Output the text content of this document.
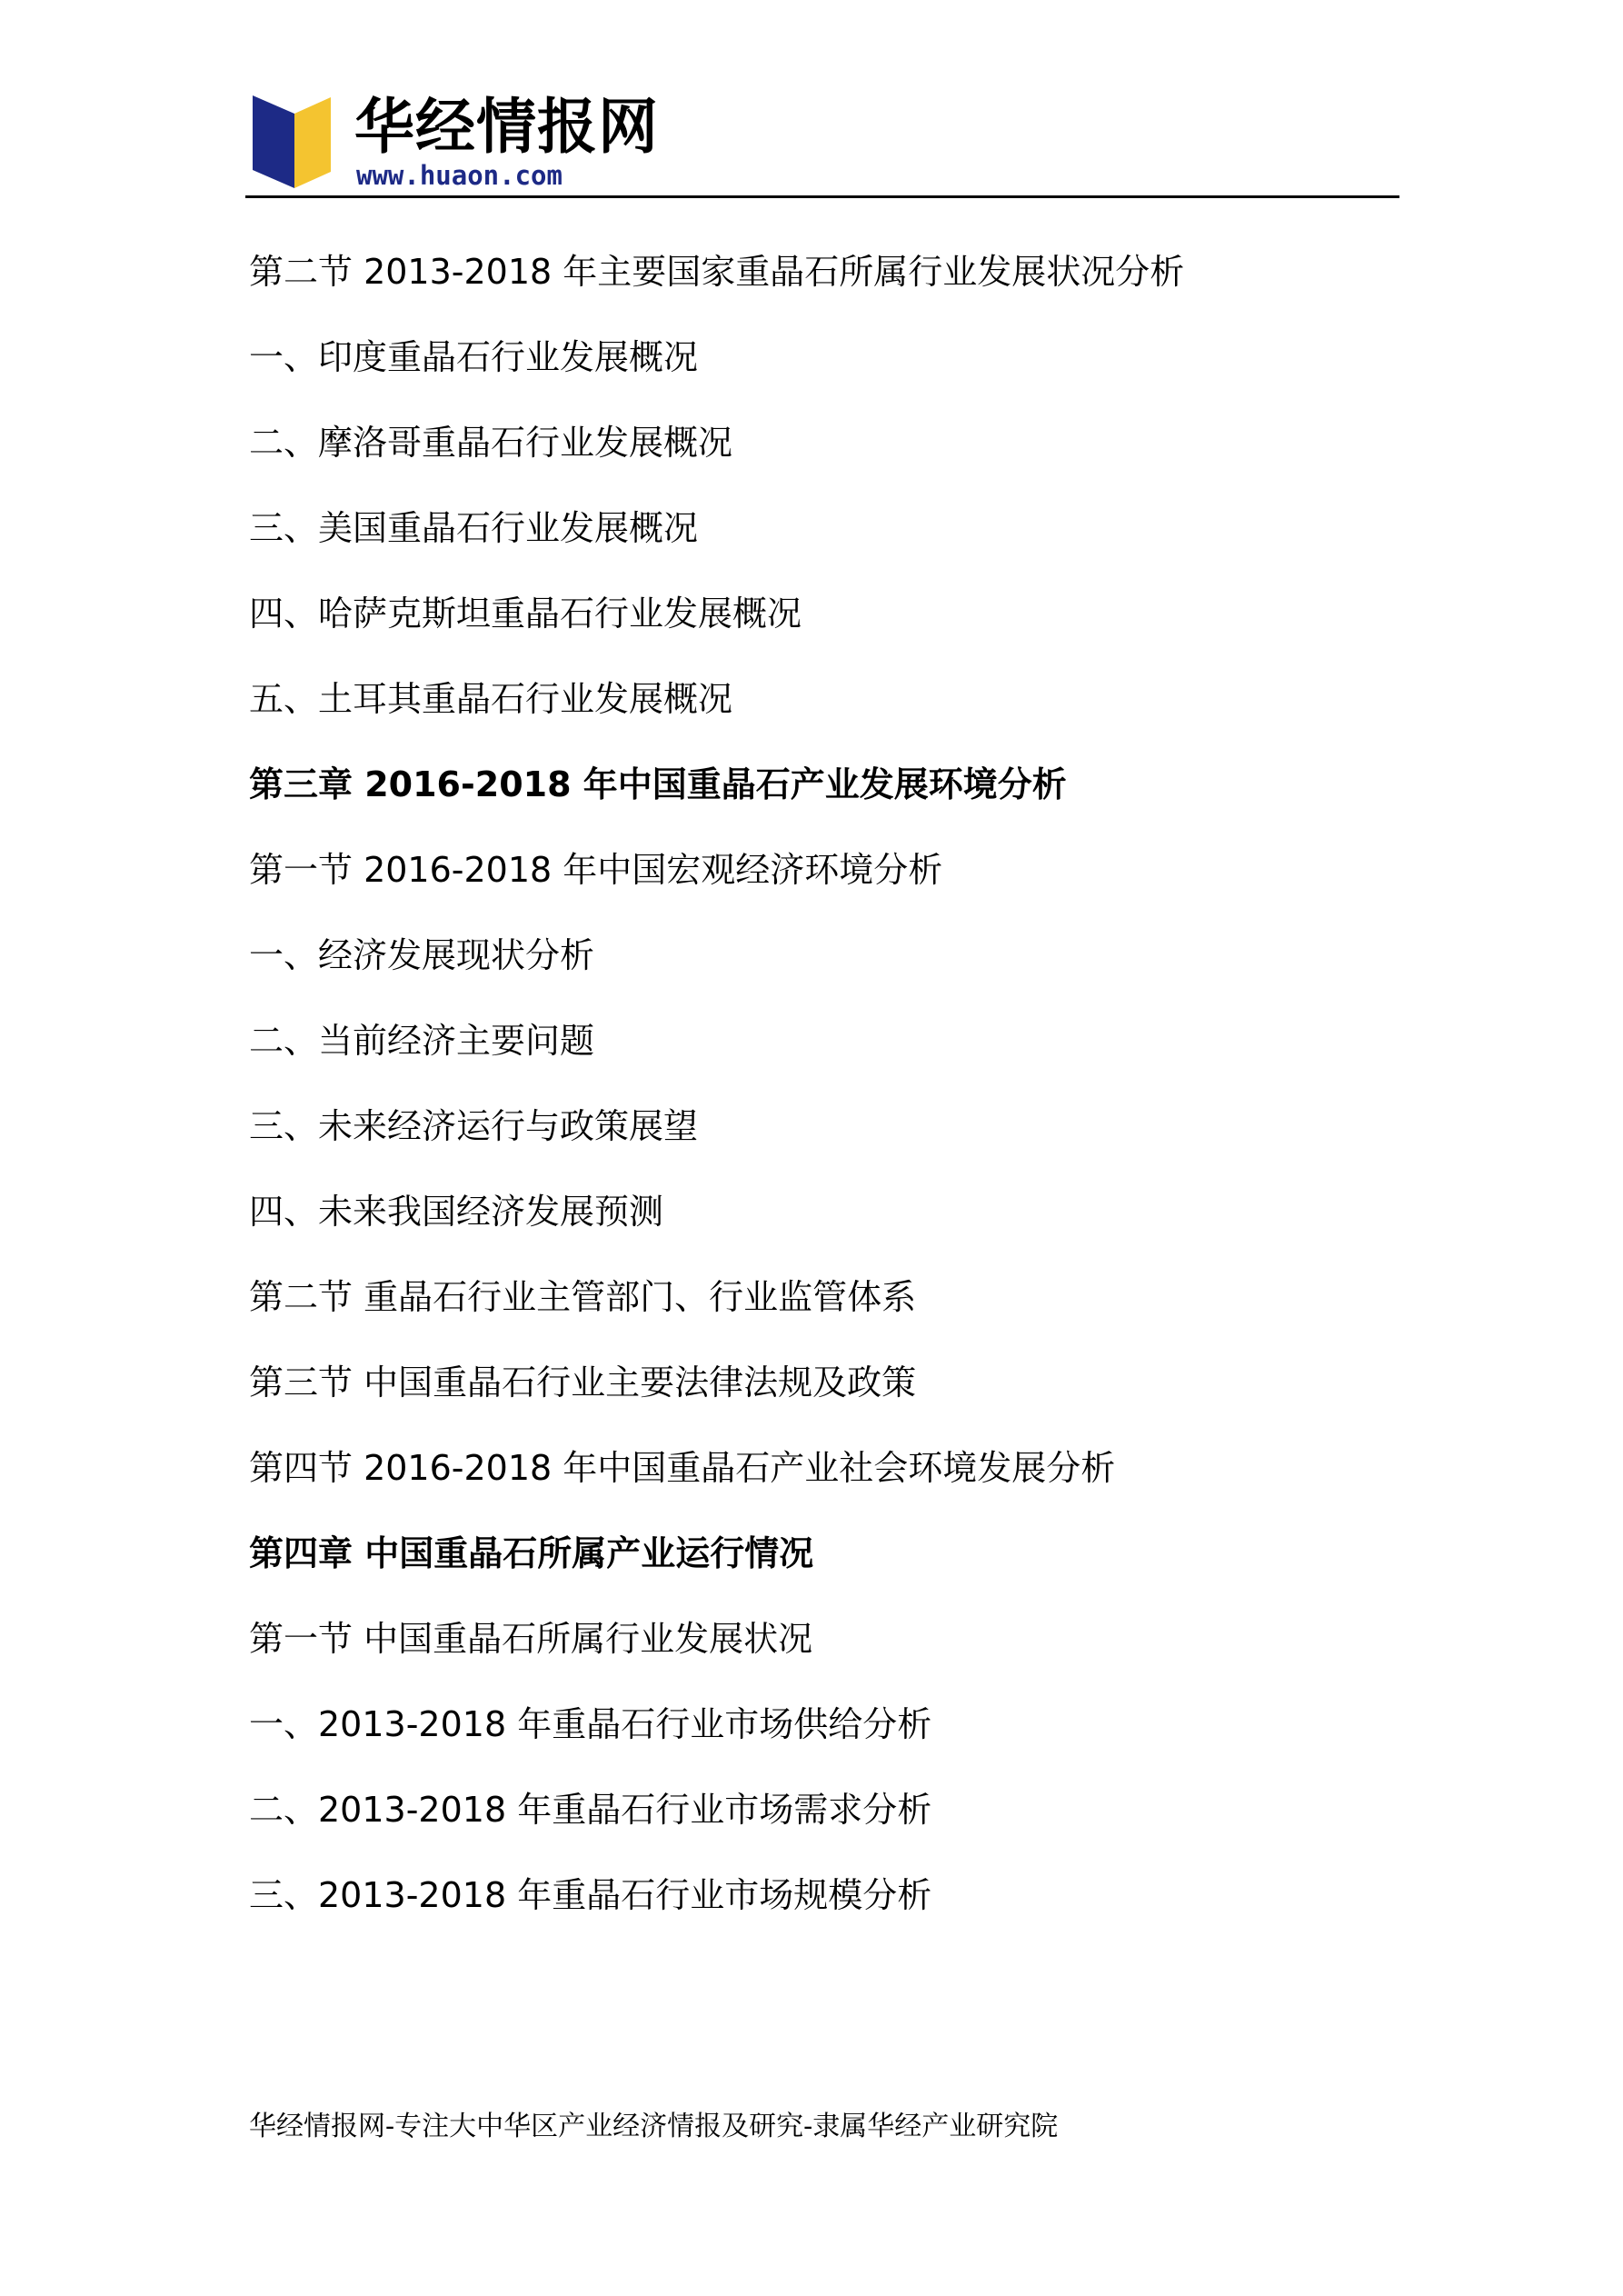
华经情报网
www.huaon.com
第二节 2013-2018 年主要国家重晶石所属行业发展状况分析
一、印度重晶石行业发展概况
二、摩洛哥重晶石行业发展概况
三、美国重晶石行业发展概况
四、哈萨克斯坦重晶石行业发展概况
五、土耳其重晶石行业发展概况
第三章 2016-2018 年中国重晶石产业发展环境分析
第一节 2016-2018 年中国宏观经济环境分析
一、经济发展现状分析
二、当前经济主要问题
三、未来经济运行与政策展望
四、未来我国经济发展预测
第二节 重晶石行业主管部门、行业监管体系
第三节 中国重晶石行业主要法律法规及政策
第四节 2016-2018 年中国重晶石产业社会环境发展分析
第四章 中国重晶石所属产业运行情况
第一节 中国重晶石所属行业发展状况
一、2013-2018 年重晶石行业市场供给分析
二、2013-2018 年重晶石行业市场需求分析
三、2013-2018 年重晶石行业市场规模分析
华经情报网-专注大中华区产业经济情报及研究-隶属华经产业研究院
